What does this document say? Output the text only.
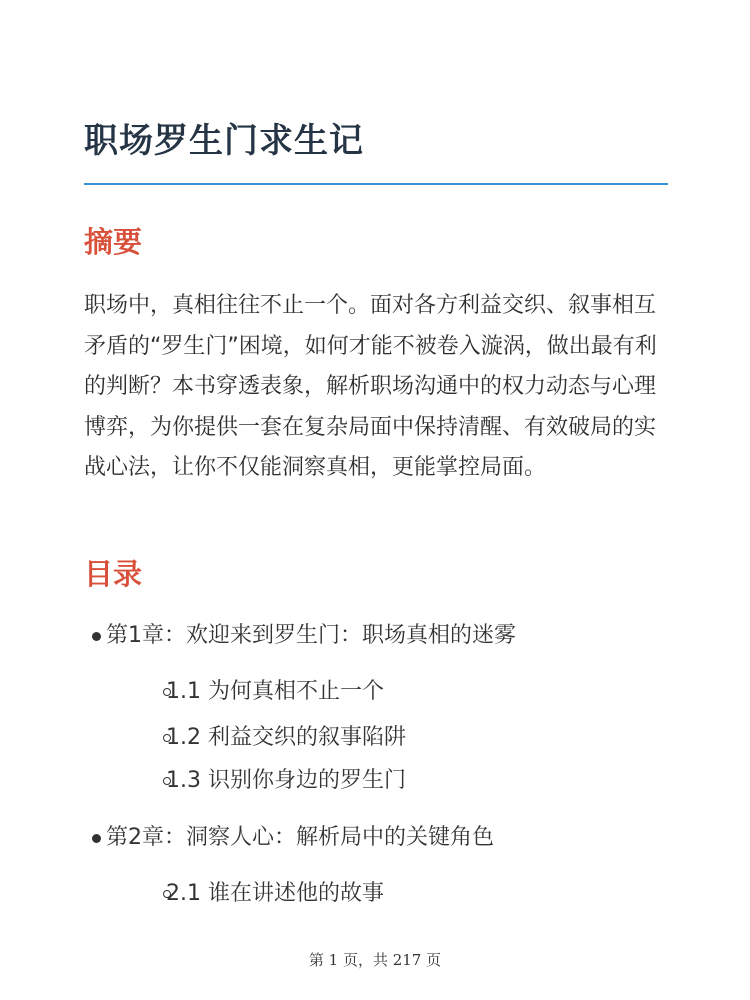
职场罗生门求生记
摘要

职场中，真相往往不止一个。面对各方利益交织、叙事相互矛盾的“罗生门”困境，如何才能不被卷入漩涡，做出最有利的判断？本书穿透表象，解析职场沟通中的权力动态与心理博弈，为你提供一套在复杂局面中保持清醒、有效破局的实战心法，让你不仅能洞察真相，更能掌控局面。

目录
第1章：欢迎来到罗生门：职场真相的迷雾
1.1 为何真相不止一个
1.2 利益交织的叙事陷阱
1.3 识别你身边的罗生门
第2章：洞察人心：解析局中的关键角色
2.1 谁在讲述他的故事
第 1 页，共 217 页
